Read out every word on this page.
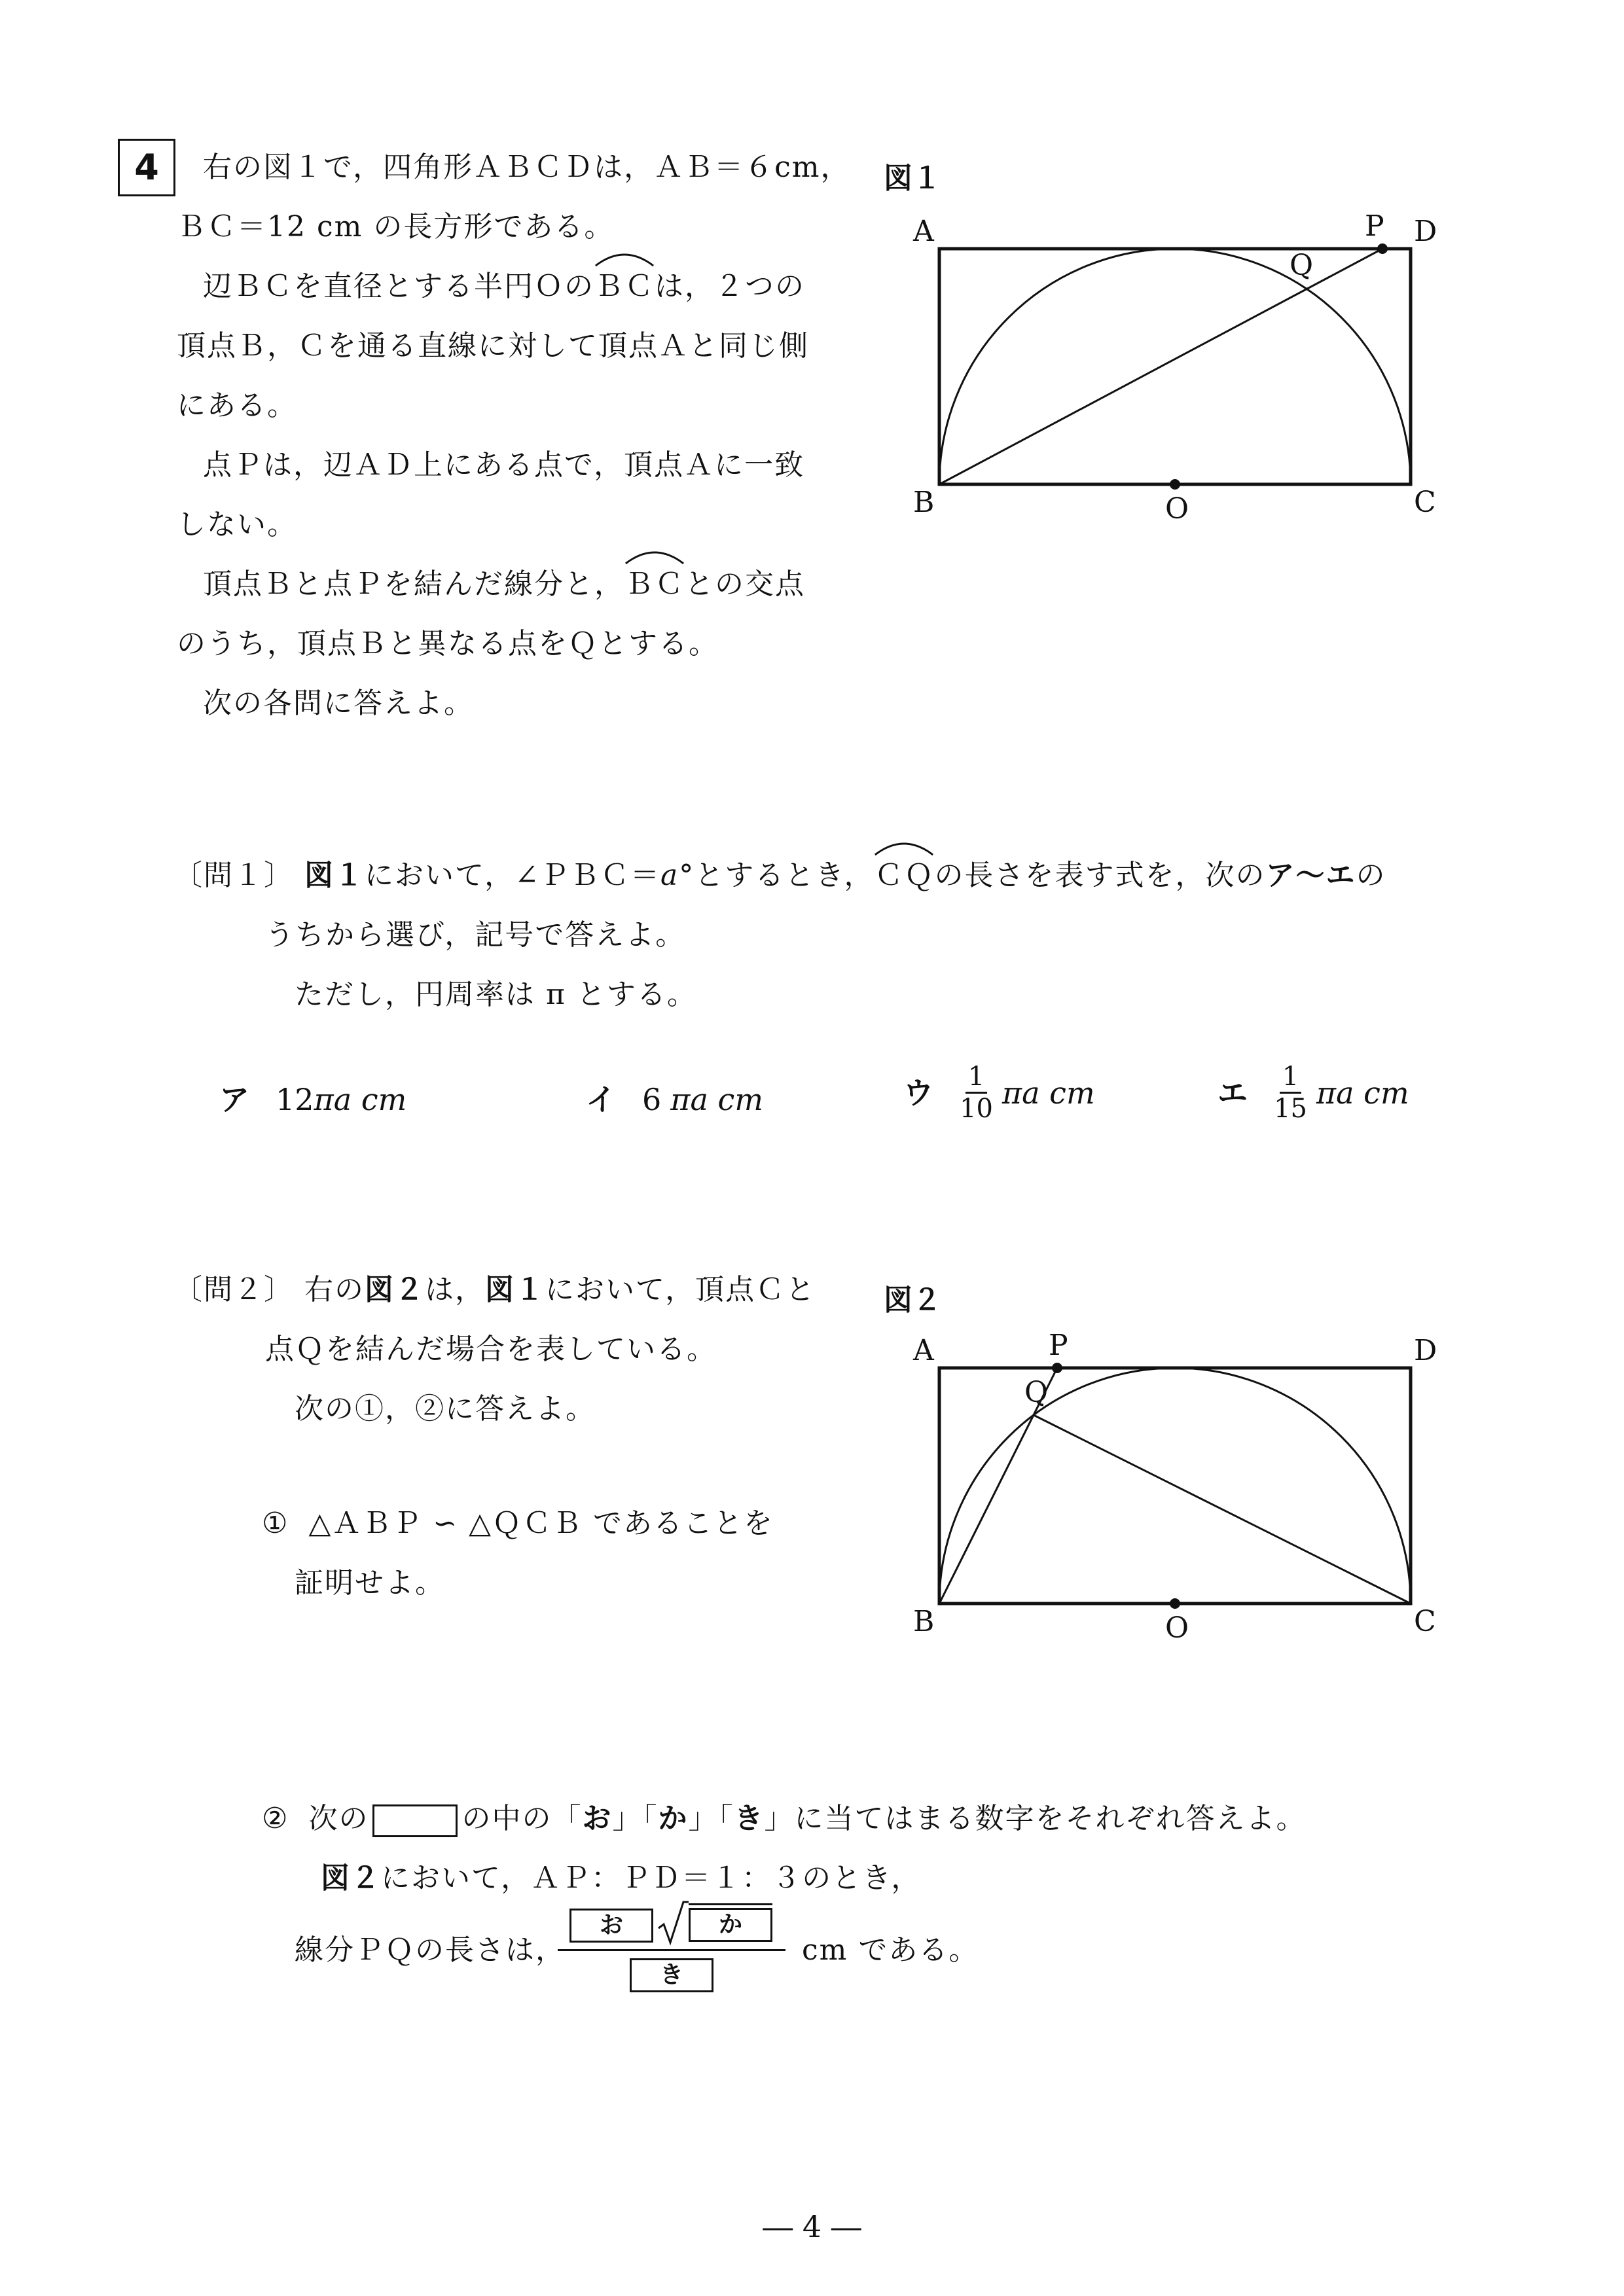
4	右の図１で，四角形ＡＢＣＤは，ＡＢ＝６cm，
ＢＣ＝12 cm の長方形である。
辺ＢＣを直径とする半円Ｏの
ＢＣは，２つの
頂点Ｂ，Ｃを通る直線に対して頂点Ａと同じ側
にある。
点Ｐは，辺ＡＤ上にある点で，頂点Ａに一致
しない。
頂点Ｂと点Ｐを結んだ線分と，
ＢＣとの交点
のうち，頂点Ｂと異なる点をＱとする。
次の各問に答えよ。
図１
A	P D
Q
B	O	C
〔問１〕 図１において，∠ＰＢＣ＝a°とするとき，
ＣＱの長さを表す式を，次のア～エの
うちから選び，記号で答えよ。
ただし，円周率は π とする。
ア 12 πa cm	イ 6 πa cm	ウ $\frac{1}{10}$ πa cm	エ $\frac{1}{15}$ πa cm
〔問２〕 右の図２は，図１において，頂点Ｃと
点Ｑを結んだ場合を表している。
次の①，②に答えよ。
① △ＡＢＰ ∽ △ＱＣＢ であることを
証明せよ。
図２
A	P	D
Q
B	O	C
② 次の	の中の「お」「か」「き」に当てはまる数字をそれぞれ答えよ。
図２において，ＡＰ：ＰＤ＝１：３のとき，
線分ＰＱの長さは，
お	か
き
cm である。
― 4 ―
